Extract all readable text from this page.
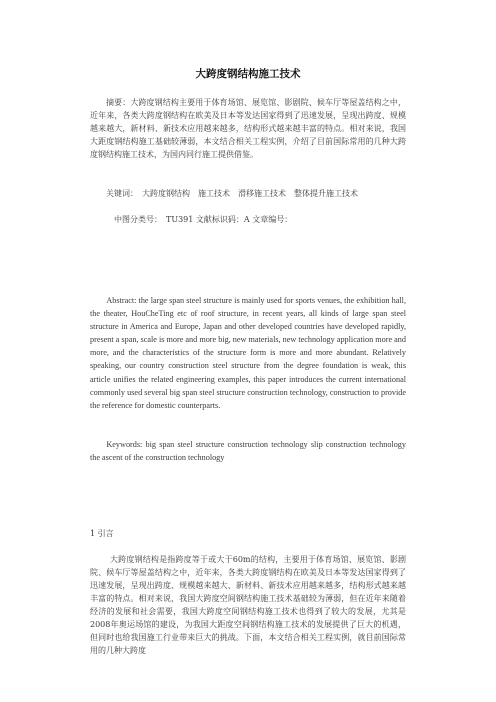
大跨度钢结构施工技术

摘要：大跨度钢结构主要用于体育场馆、展览馆、影剧院、候车厅等屋盖结构之中，近年来，各类大跨度钢结构在欧美及日本等发达国家得到了迅速发展，呈现出跨度、规模越来越大，新材料、新技术应用越来越多，结构形式越来越丰富的特点。相对来说，我国大距度钢结构施工基础较薄弱，本文结合相关工程实例，介绍了目前国际常用的几种大跨度钢结构施工技术，为国内同行施工提供借鉴。

关键词：　大跨度钢结构　施工技术　滑移施工技术　整体提升施工技术

中图分类号：　TU391 文献标识码：A 文章编号：

Abstract: the large span steel structure is mainly used for sports venues, the exhibition hall, the theater, HouCheTing etc of roof structure, in recent years, all kinds of large span steel structure in America and Europe, Japan and other developed countries have developed rapidly, present a span, scale is more and more big, new materials, new technology application more and more, and the characteristics of the structure form is more and more abundant. Relatively speaking, our country construction steel structure from the degree foundation is weak, this article unifies the related engineering examples, this paper introduces the current international commonly used several big span steel structure construction technology, construction to provide the reference for domestic counterparts.

Keywords: big span steel structure construction technology slip construction technology the ascent of the construction technology

1 引言

大跨度钢结构是指跨度等于或大于60m的结构，主要用于体育场馆、展览馆、影剧院、候车厅等屋盖结构之中，近年来，各类大跨度钢结构在欧美及日本等发达国家得到了迅速发展，呈现出跨度、规模越来越大、新材料、新技术应用越来越多，结构形式越来越丰富的特点。相对来说，我国大跨度空间钢结构施工技术基础较为薄弱，但在近年来随着经济的发展和社会需要，我国大跨度空间钢结构施工技术也得到了较大的发展，尤其是2008年奥运场馆的建设，为我国大距度空间钢结构施工技术的发展提供了巨大的机遇，但同时也给我国施工行业带来巨大的挑战。下面，本文结合相关工程实例，就目前国际常用的几种大跨度
